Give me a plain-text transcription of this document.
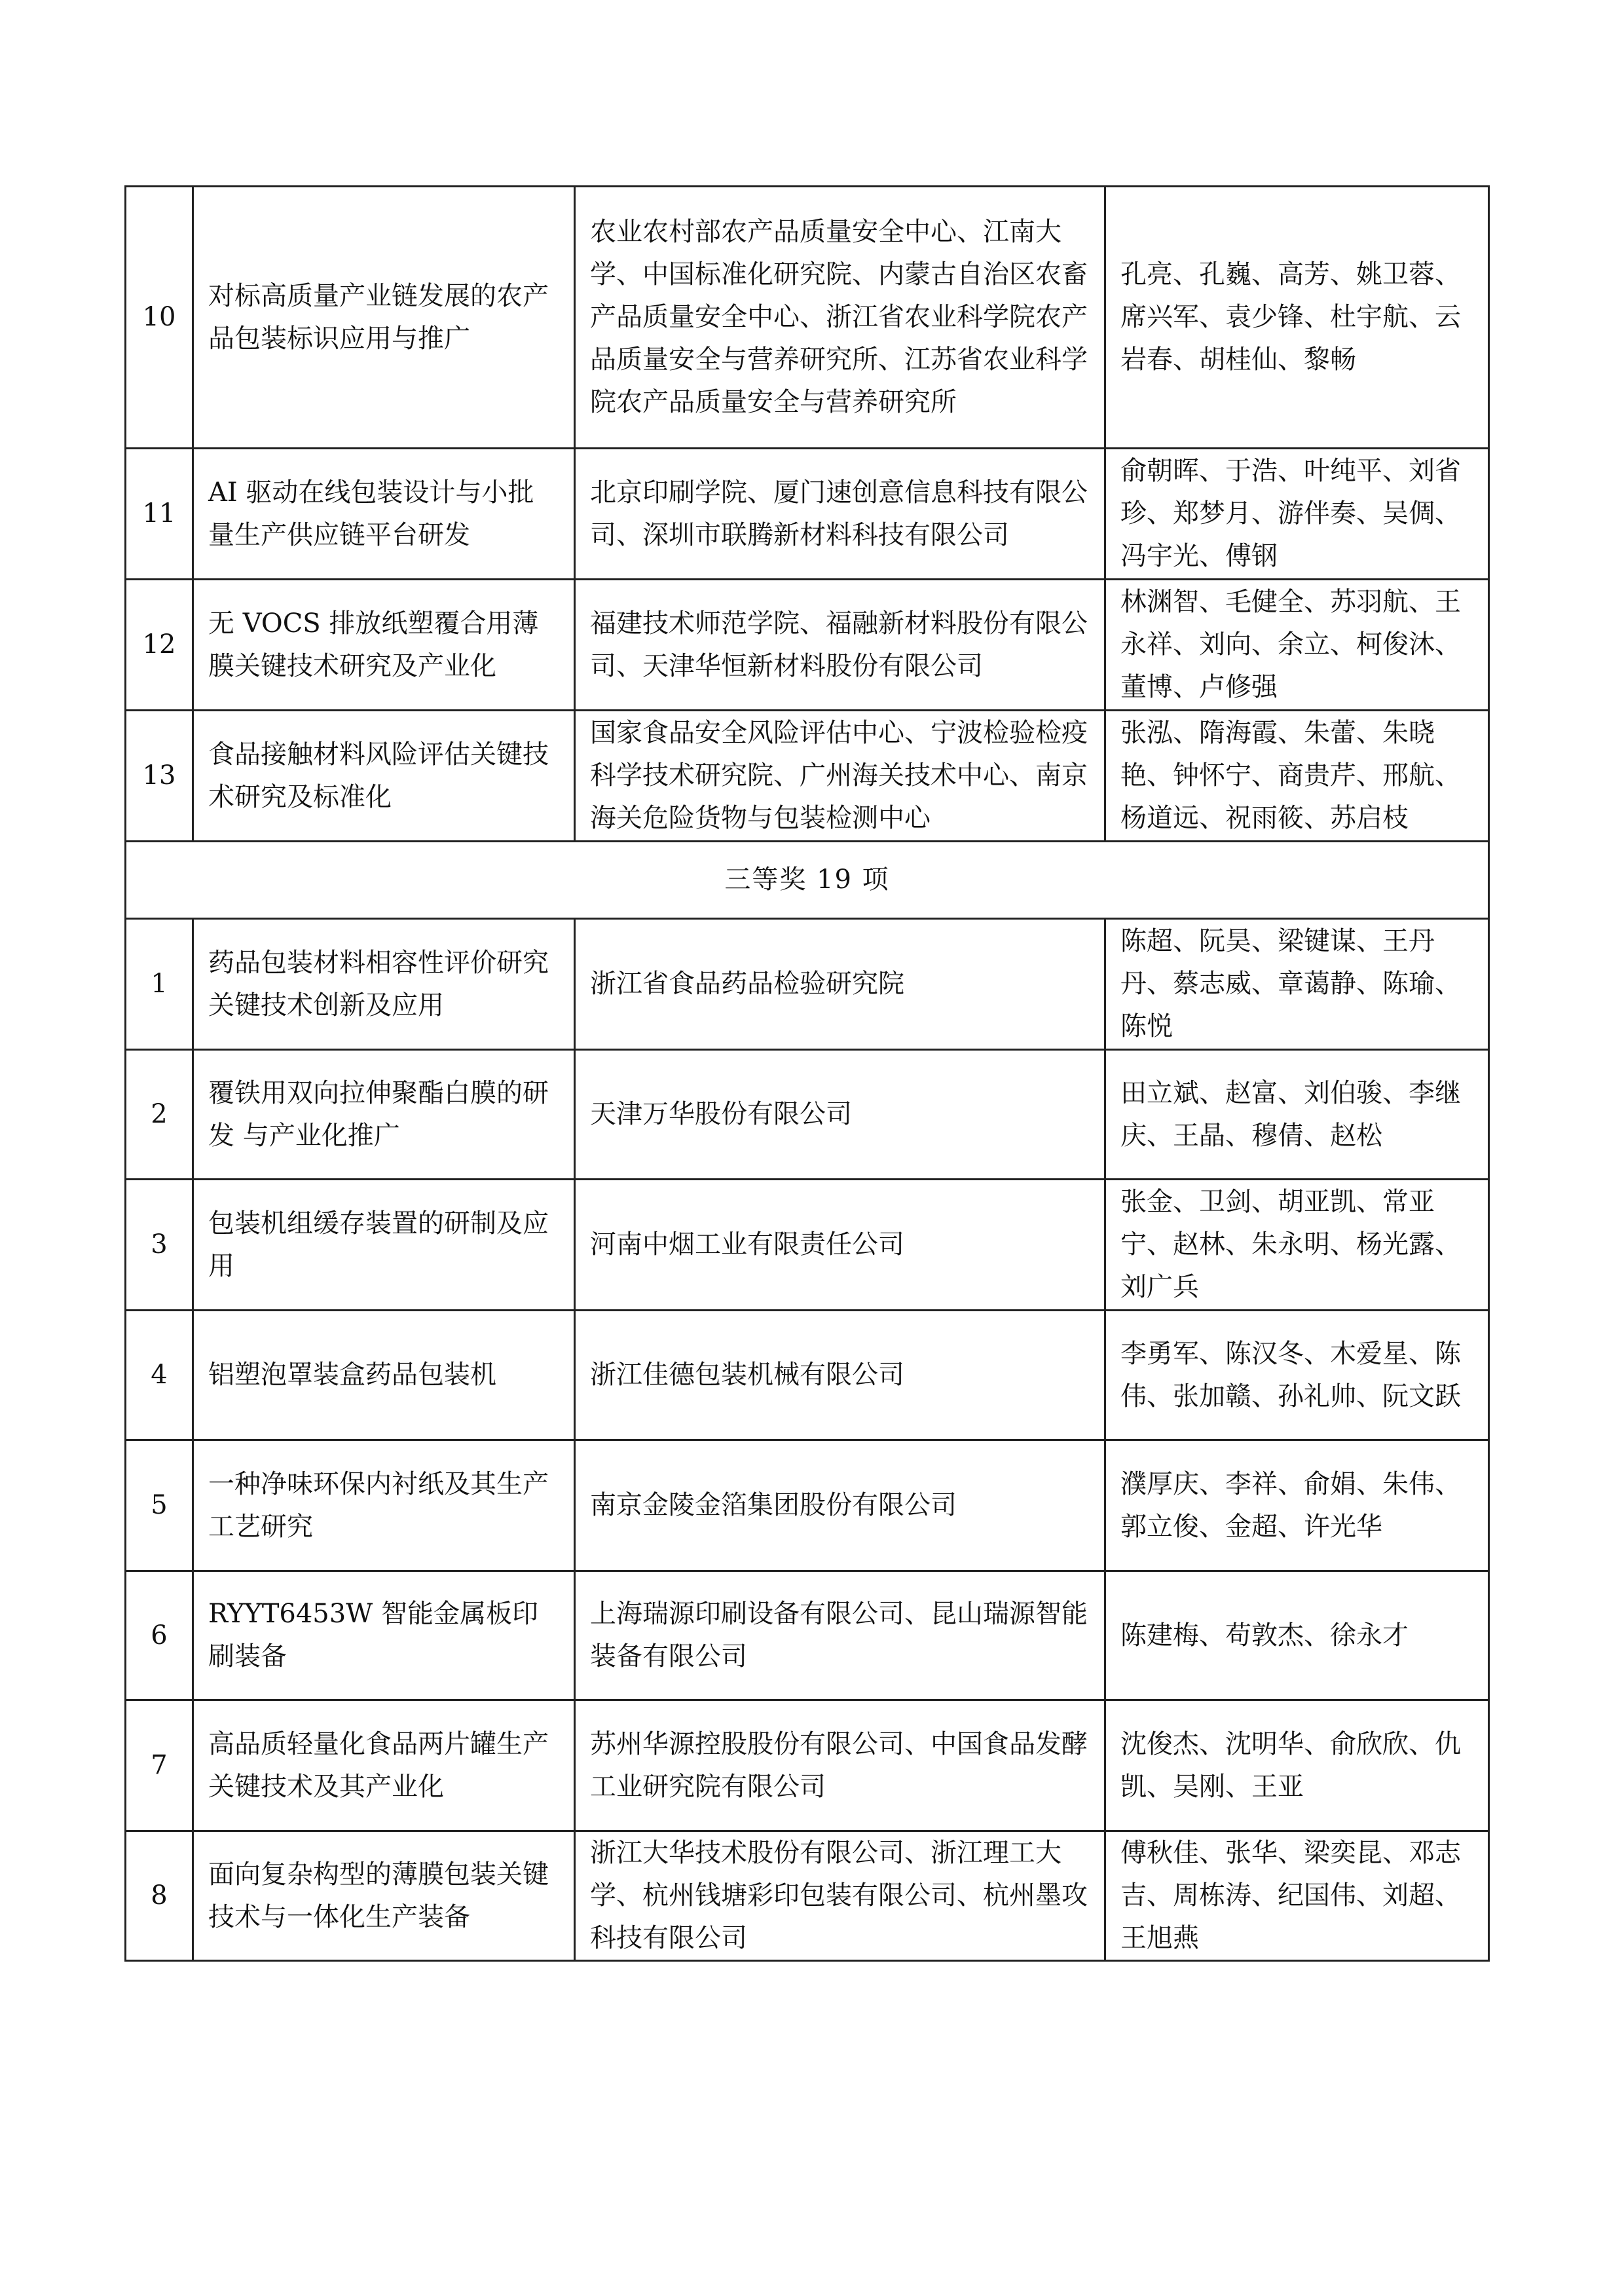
10	对标高质量产业链发展的农产品包装标识应用与推广	农业农村部农产品质量安全中心、江南大学、中国标准化研究院、内蒙古自治区农畜产品质量安全中心、浙江省农业科学院农产品质量安全与营养研究所、江苏省农业科学院农产品质量安全与营养研究所	孔亮、孔巍、高芳、姚卫蓉、席兴军、袁少锋、杜宇航、云岩春、胡桂仙、黎畅
11	AI 驱动在线包装设计与小批量生产供应链平台研发	北京印刷学院、厦门速创意信息科技有限公司、深圳市联腾新材料科技有限公司	俞朝晖、于浩、叶纯平、刘省珍、郑梦月、游伴奏、吴倜、冯宇光、傅钢
12	无 VOCS 排放纸塑覆合用薄膜关键技术研究及产业化	福建技术师范学院、福融新材料股份有限公司、天津华恒新材料股份有限公司	林渊智、毛健全、苏羽航、王永祥、刘向、余立、柯俊沐、董博、卢修强
13	食品接触材料风险评估关键技术研究及标准化	国家食品安全风险评估中心、宁波检验检疫科学技术研究院、广州海关技术中心、南京海关危险货物与包装检测中心	张泓、隋海霞、朱蕾、朱晓艳、钟怀宁、商贵芹、邢航、杨道远、祝雨筱、苏启枝
三等奖 19 项			
1	药品包装材料相容性评价研究关键技术创新及应用	浙江省食品药品检验研究院	陈超、阮昊、梁键谋、王丹丹、蔡志威、章蔼静、陈瑜、陈悦
2	覆铁用双向拉伸聚酯白膜的研发 与产业化推广	天津万华股份有限公司	田立斌、赵富、刘伯骏、李继庆、王晶、穆倩、赵松
3	包装机组缓存装置的研制及应用	河南中烟工业有限责任公司	张金、卫剑、胡亚凯、常亚宁、赵林、朱永明、杨光露、刘广兵
4	铝塑泡罩装盒药品包装机	浙江佳德包装机械有限公司	李勇军、陈汉冬、木爱星、陈伟、张加赣、孙礼帅、阮文跃
5	一种净味环保内衬纸及其生产工艺研究	南京金陵金箔集团股份有限公司	濮厚庆、李祥、俞娟、朱伟、郭立俊、金超、许光华
6	RYYT6453W 智能金属板印刷装备	上海瑞源印刷设备有限公司、昆山瑞源智能装备有限公司	陈建梅、苟敦杰、徐永才
7	高品质轻量化食品两片罐生产关键技术及其产业化	苏州华源控股股份有限公司、中国食品发酵工业研究院有限公司	沈俊杰、沈明华、俞欣欣、仇凯、吴刚、王亚
8	面向复杂构型的薄膜包装关键技术与一体化生产装备	浙江大华技术股份有限公司、浙江理工大学、杭州钱塘彩印包装有限公司、杭州墨攻科技有限公司	傅秋佳、张华、梁奕昆、邓志吉、周栋涛、纪国伟、刘超、王旭燕
